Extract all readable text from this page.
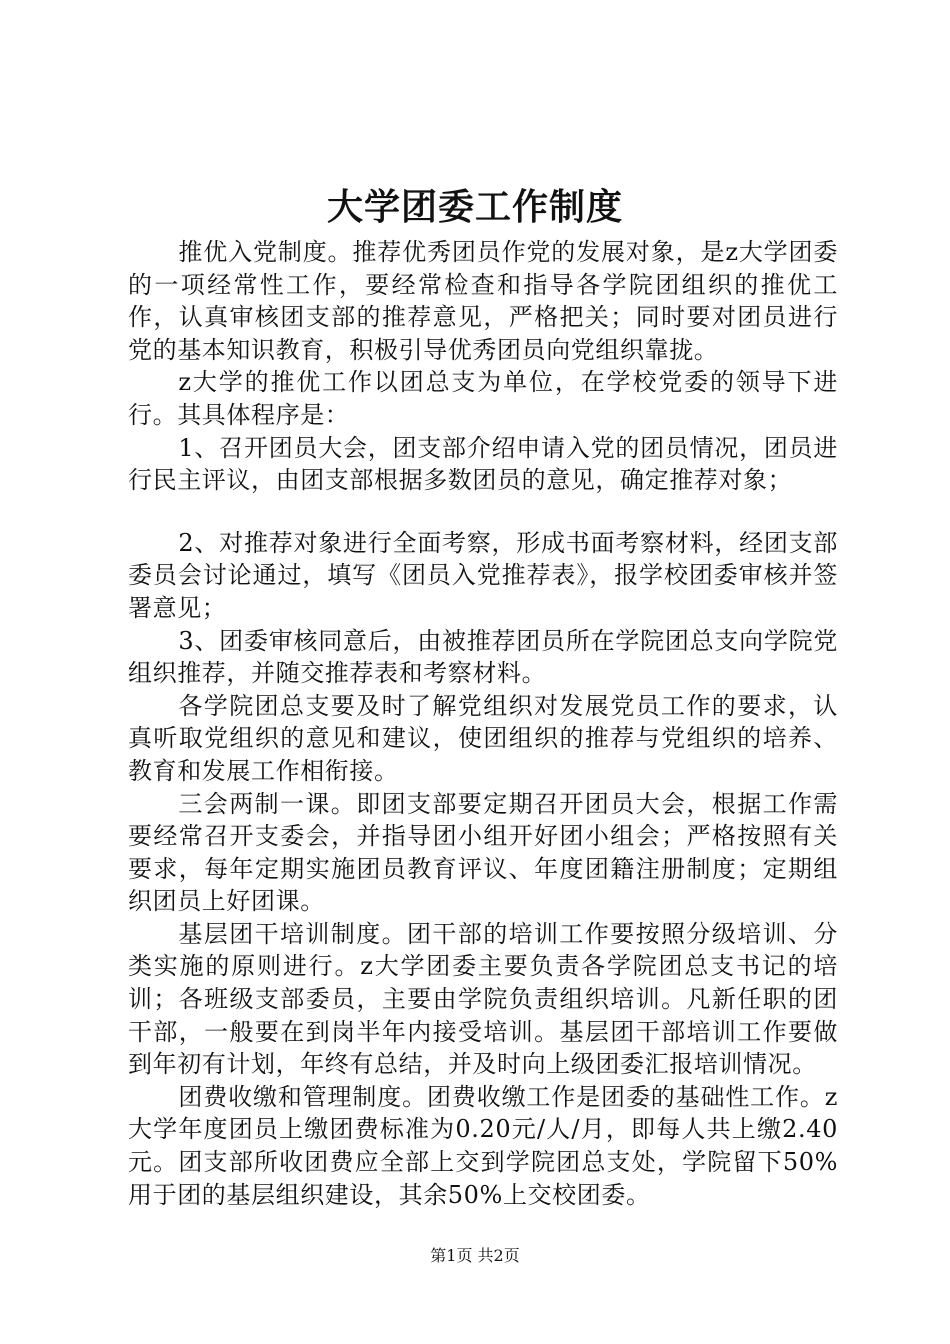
大学团委工作制度

推优入党制度。推荐优秀团员作党的发展对象，是z大学团委的一项经常性工作，要经常检查和指导各学院团组织的推优工作，认真审核团支部的推荐意见，严格把关；同时要对团员进行党的基本知识教育，积极引导优秀团员向党组织靠拢。

z大学的推优工作以团总支为单位，在学校党委的领导下进行。其具体程序是：

1、召开团员大会，团支部介绍申请入党的团员情况，团员进行民主评议，由团支部根据多数团员的意见，确定推荐对象；

2、对推荐对象进行全面考察，形成书面考察材料，经团支部委员会讨论通过，填写《团员入党推荐表》，报学校团委审核并签署意见；

3、团委审核同意后，由被推荐团员所在学院团总支向学院党组织推荐，并随交推荐表和考察材料。

各学院团总支要及时了解党组织对发展党员工作的要求，认真听取党组织的意见和建议，使团组织的推荐与党组织的培养、教育和发展工作相衔接。

三会两制一课。即团支部要定期召开团员大会，根据工作需要经常召开支委会，并指导团小组开好团小组会；严格按照有关要求，每年定期实施团员教育评议、年度团籍注册制度；定期组织团员上好团课。

基层团干培训制度。团干部的培训工作要按照分级培训、分类实施的原则进行。z大学团委主要负责各学院团总支书记的培训；各班级支部委员，主要由学院负责组织培训。凡新任职的团干部，一般要在到岗半年内接受培训。基层团干部培训工作要做到年初有计划，年终有总结，并及时向上级团委汇报培训情况。

团费收缴和管理制度。团费收缴工作是团委的基础性工作。z大学年度团员上缴团费标准为0.20元/人/月，即每人共上缴2.40元。团支部所收团费应全部上交到学院团总支处，学院留下50%用于团的基层组织建设，其余50%上交校团委。

第1页 共2页
